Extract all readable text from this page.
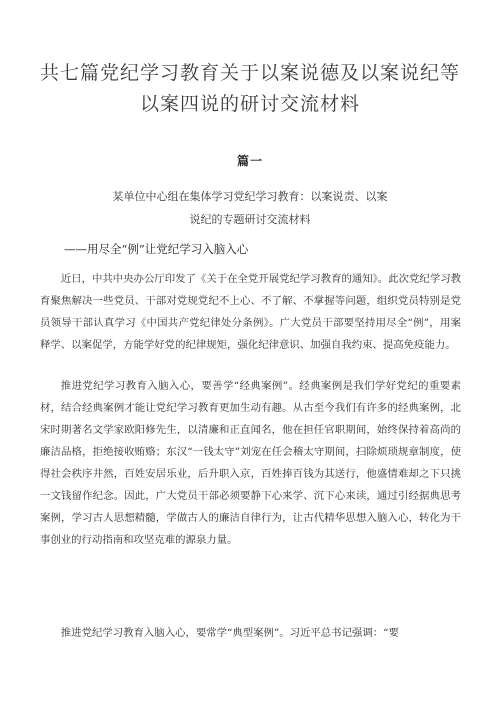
共七篇党纪学习教育关于以案说德及以案说纪等以案四说的研讨交流材料
篇一
某单位中心组在集体学习党纪学习教育：以案说责、以案
说纪的专题研讨交流材料
——用尽全“例”让党纪学习入脑入心

近日，中共中央办公厅印发了《关于在全党开展党纪学习教育的通知》。此次党纪学习教育聚焦解决一些党员、干部对党规党纪不上心、不了解、不掌握等问题，组织党员特别是党员领导干部认真学习《中国共产党纪律处分条例》。广大党员干部要坚持用尽全“例”，用案释学、以案促学，方能学好党的纪律规矩，强化纪律意识、加强自我约束、提高免疫能力。

推进党纪学习教育入脑入心，要善学“经典案例”。经典案例是我们学好党纪的重要素材，结合经典案例才能让党纪学习教育更加生动有趣。从古至今我们有许多的经典案例，北宋时期著名文学家欧阳修先生，以清廉和正直闻名，他在担任官职期间，始终保持着高尚的廉洁品格，拒绝接收贿赂；东汉“一钱太守”刘宠在任会稽太守期间，扫除烦琐规章制度，使得社会秩序井然，百姓安居乐业，后升职入京，百姓捧百钱为其送行，他盛情难却之下只挑一文钱留作纪念。因此，广大党员干部必须要静下心来学、沉下心来读，通过引经据典思考案例，学习古人思想精髓，学做古人的廉洁自律行为，让古代精华思想入脑入心，转化为干事创业的行动指南和攻坚克难的源泉力量。

推进党纪学习教育入脑入心，要常学“典型案例”。习近平总书记强调：“要
